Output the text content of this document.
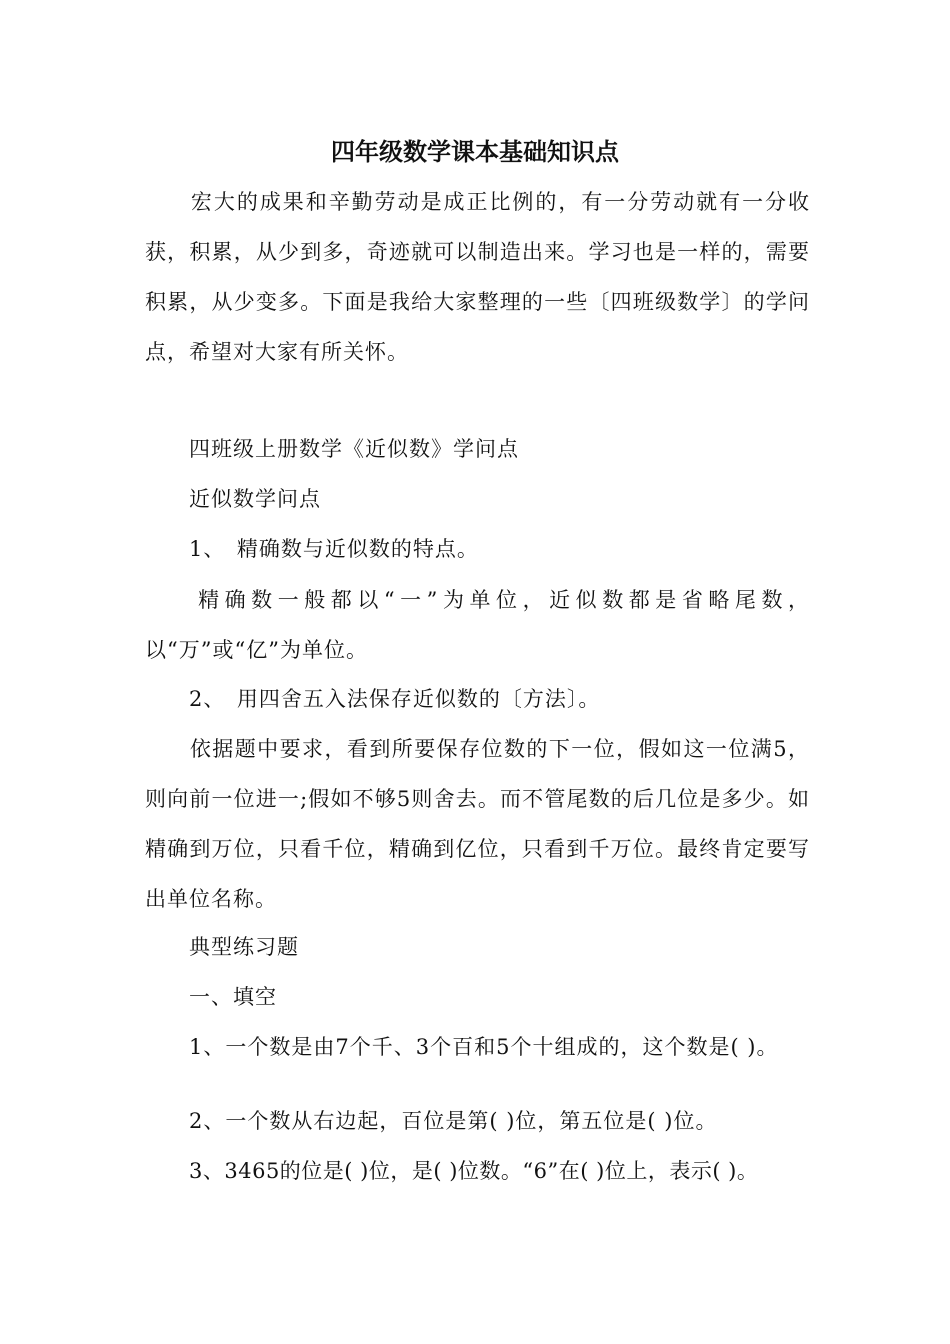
四年级数学课本基础知识点
　　宏大的成果和辛勤劳动是成正比例的，有一分劳动就有一分收获，积累，从少到多，奇迹就可以制造出来。学习也是一样的，需要积累，从少变多。下面是我给大家整理的一些〔四班级数学〕的学问点，希望对大家有所关怀。
四班级上册数学《近似数》学问点
近似数学问点
1、　精确数与近似数的特点。
　　精确数一般都以“一”为单位，近似数都是省略尾数，以“万”或“亿”为单位。
2、　用四舍五入法保存近似数的〔方法〕。
　　依据题中要求，看到所要保存位数的下一位，假如这一位满5，则向前一位进一;假如不够5则舍去。而不管尾数的后几位是多少。如精确到万位，只看千位，精确到亿位，只看到千万位。最终肯定要写出单位名称。
典型练习题
一、填空
1、一个数是由7个千、3个百和5个十组成的，这个数是( )。
2、一个数从右边起，百位是第( )位，第五位是( )位。
3、3465的位是( )位，是( )位数。“6”在( )位上，表示( )。
